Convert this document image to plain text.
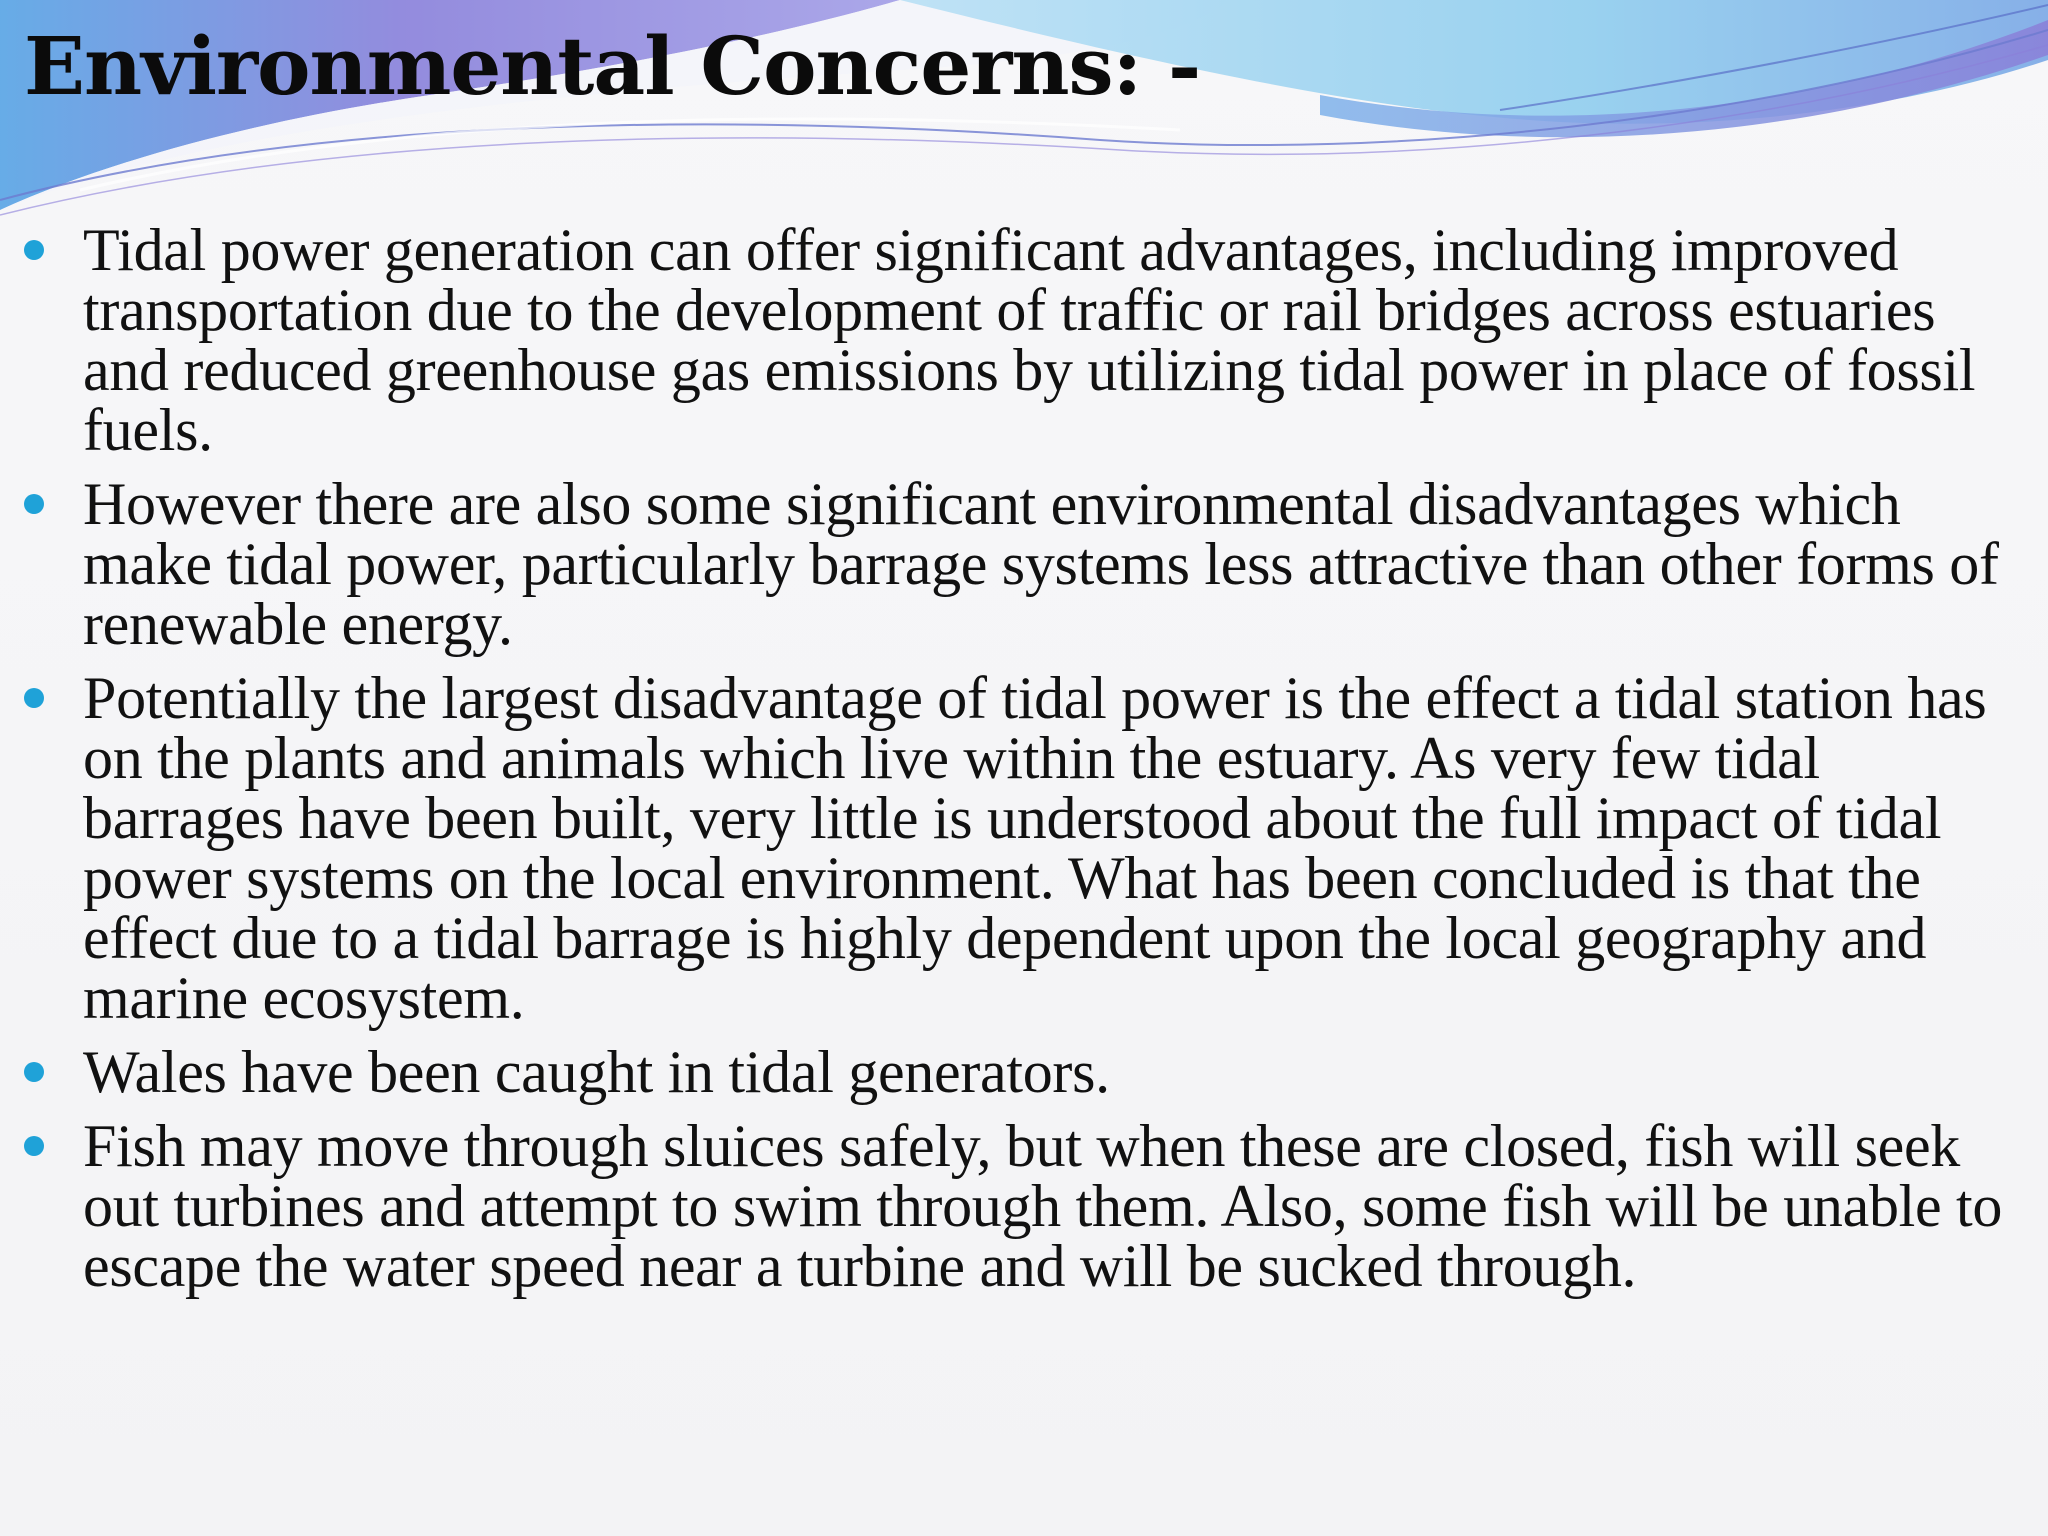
Environmental Concerns: -
Tidal power generation can offer significant advantages, including improved transportation due to the development of traffic or rail bridges across estuaries and reduced greenhouse gas emissions by utilizing tidal power in place of fossil fuels.
However there are also some significant environmental disadvantages which make tidal power, particularly barrage systems less attractive than other forms of renewable energy.
Potentially the largest disadvantage of tidal power is the effect a tidal station has on the plants and animals which live within the estuary. As very few tidal barrages have been built, very little is understood about the full impact of tidal power systems on the local environment. What has been concluded is that the effect due to a tidal barrage is highly dependent upon the local geography and marine ecosystem.
Wales have been caught in tidal generators.
Fish may move through sluices safely, but when these are closed, fish will seek out turbines and attempt to swim through them. Also, some fish will be unable to escape the water speed near a turbine and will be sucked through.
